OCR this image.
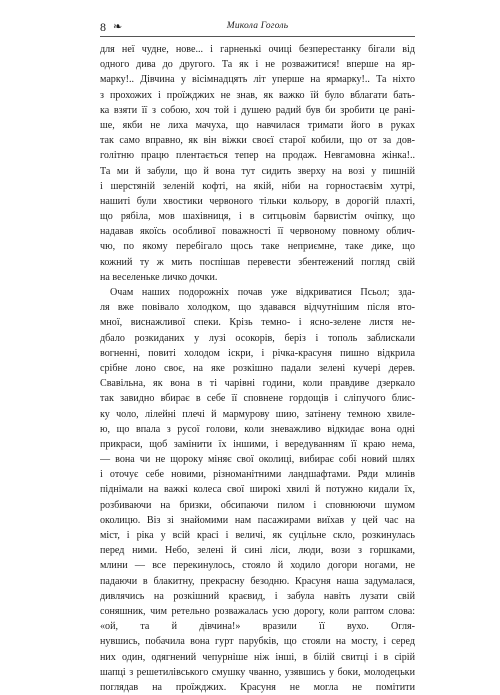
8 ❧	Микола Гоголь
для неї чудне, нове... і гарненькі очиці безперестанку бігали від
одного дива до другого. Та як і не розважитися! вперше на яр-
марку!.. Дівчина у вісімнадцять літ уперше на ярмарку!.. Та ніхто
з прохожих і проїжджих не знав, як важко їй було вблагати бать-
ка взяти її з собою, хоч той і душею радий був би зробити це рані-
ше, якби не лиха мачуха, що навчилася тримати його в руках
так само вправно, як він віжки своєї старої кобили, що от за дов-
голітню працю плентається тепер на продаж. Невгамовна жінка!..
Та ми й забули, що й вона тут сидить зверху на возі у пишній
і шерстяній зеленій кофті, на якій, ніби на горностаєвім хутрі,
нашиті були хвостики червоного тільки кольору, в дорогій плахті,
що рябіла, мов шахівниця, і в ситцьовім барвистім очіпку, що
надавав якоїсь особливої поважності її червоному повному облич-
чю, по якому перебігало щось таке неприємне, таке дике, що
кожний ту ж мить поспішав перевести збентежений погляд свій
на веселеньке личко дочки.
Очам наших подорожніх почав уже відкриватися Псьол; зда-
ля вже повівало холодком, що здавався відчутнішим після вто-
мної, виснажливої спеки. Крізь темно- і ясно-зелене листя не-
дбало розкиданих у лузі осокорів, беріз і тополь заблискали
вогненні, повиті холодом іскри, і річка-красуня пишно відкрила
срібне лоно своє, на яке розкішно падали зелені кучері дерев.
Свавільна, як вона в ті чарівні години, коли правдиве дзеркало
так завидно вбирає в себе її сповнене гордощів і сліпучого блис-
ку чоло, лілейні плечі й мармурову шию, затінену темною хвиле-
ю, що впала з русої голови, коли зневажливо відкидає вона одні
прикраси, щоб замінити їх іншими, і вередуванням її краю нема,
— вона чи не щороку міняє свої околиці, вибирає собі новий шлях
і оточує себе новими, різноманітними ландшафтами. Ряди млинів
піднімали на важкі колеса свої широкі хвилі й потужно кидали їх,
розбиваючи на бризки, обсипаючи пилом і сповнюючи шумом
околицю. Віз зі знайомими нам пасажирами виїхав у цей час на
міст, і ріка у всій красі і величі, як суцільне скло, розкинулась
перед ними. Небо, зелені й сині ліси, люди, вози з горшками,
млини — все перекинулось, стояло й ходило догори ногами, не
падаючи в блакитну, прекрасну безодню. Красуня наша задумалася,
дивлячись на розкішний краєвид, і забула навіть лузати свій
соняшник, чим ретельно розважалась усю дорогу, коли раптом слова:
«ой, та й дівчина!» вразили її вухо. Огля-
нувшись, побачила вона гурт парубків, що стояли на мосту, і серед
них один, одягнений чепурніше ніж інші, в білій свитці і в сірій
шапці з решетилівського смушку чванно, узявшись у боки, молодецьки
поглядав на проїжджих. Красуня не могла не помітити
